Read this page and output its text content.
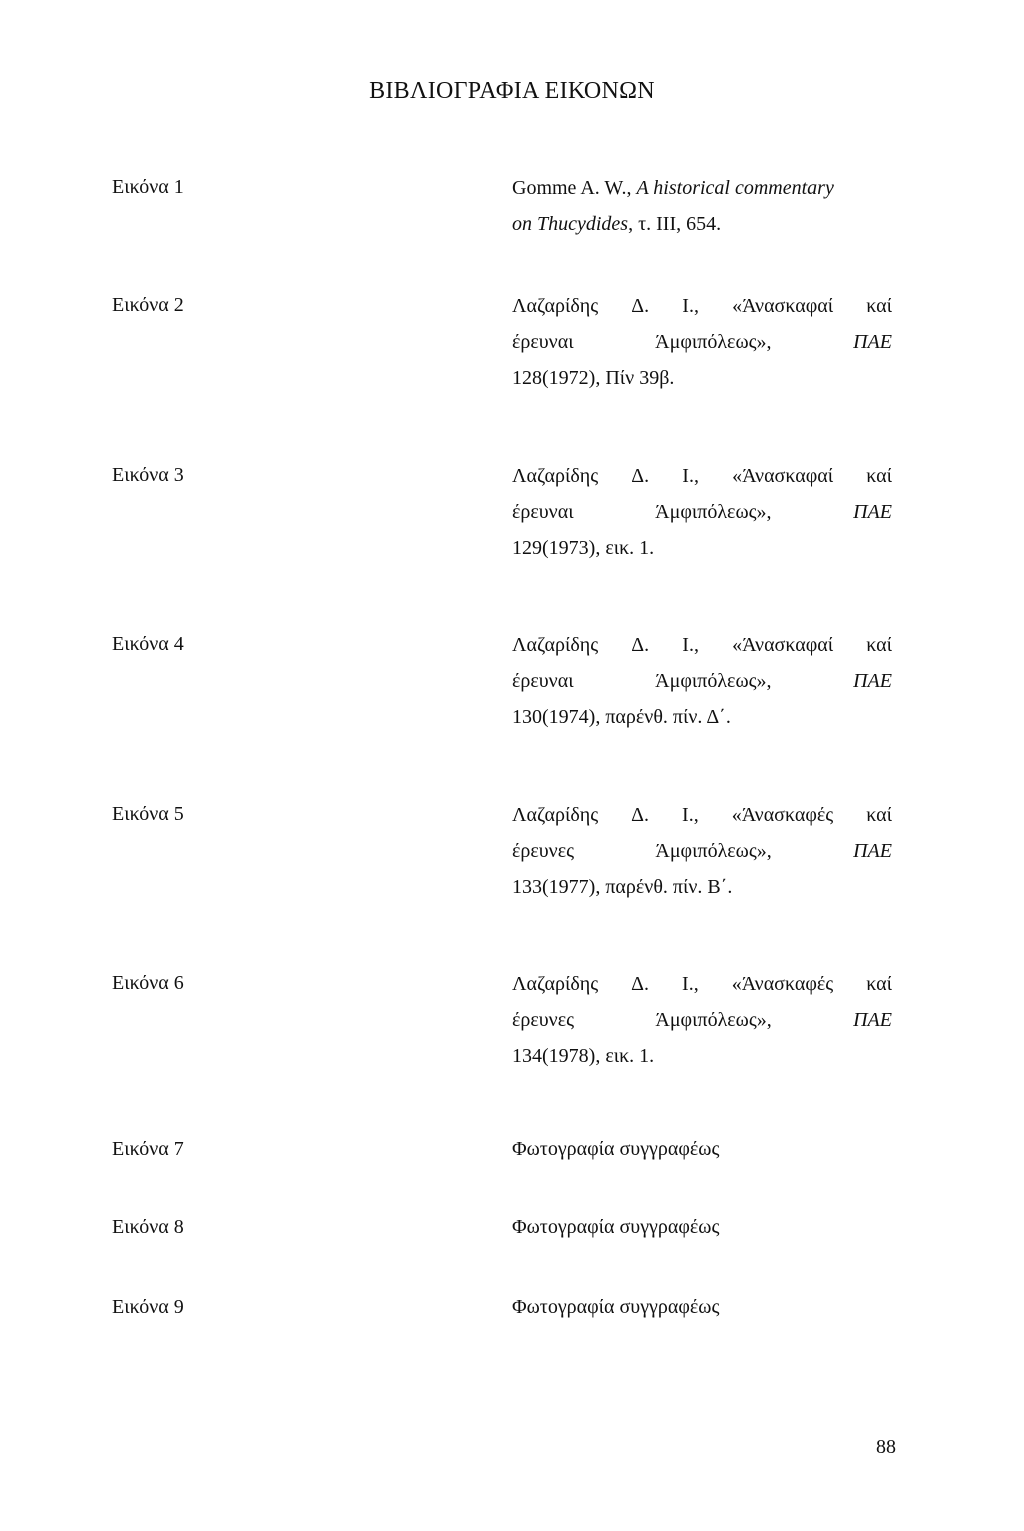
ΒΙΒΛΙΟΓΡΑΦΙΑ ΕΙΚΟΝΩΝ
Εικόνα 1	Gomme A. W., A historical commentary
on Thucydides, τ. III, 654.
Εικόνα 2	Λαζαρίδης Δ. Ι., «Άνασκαφαί καί
έρευναι	Άμφιπόλεως»,	ΠΑΕ
128(1972), Πίν 39β.
Εικόνα 3	Λαζαρίδης Δ. Ι., «Άνασκαφαί καί
έρευναι	Άμφιπόλεως»,	ΠΑΕ
129(1973), εικ. 1.
Εικόνα 4	Λαζαρίδης Δ. Ι., «Άνασκαφαί καί
έρευναι	Άμφιπόλεως»,	ΠΑΕ
130(1974), παρένθ. πίν. Δ΄.
Εικόνα 5	Λαζαρίδης Δ. Ι., «Άνασκαφές καί
έρευνες	Άμφιπόλεως»,	ΠΑΕ
133(1977), παρένθ. πίν. Β΄.
Εικόνα 6	Λαζαρίδης Δ. Ι., «Άνασκαφές καί
έρευνες	Άμφιπόλεως»,	ΠΑΕ
134(1978), εικ. 1.
Εικόνα 7	Φωτογραφία συγγραφέως
Εικόνα 8	Φωτογραφία συγγραφέως
Εικόνα 9	Φωτογραφία συγγραφέως
88
